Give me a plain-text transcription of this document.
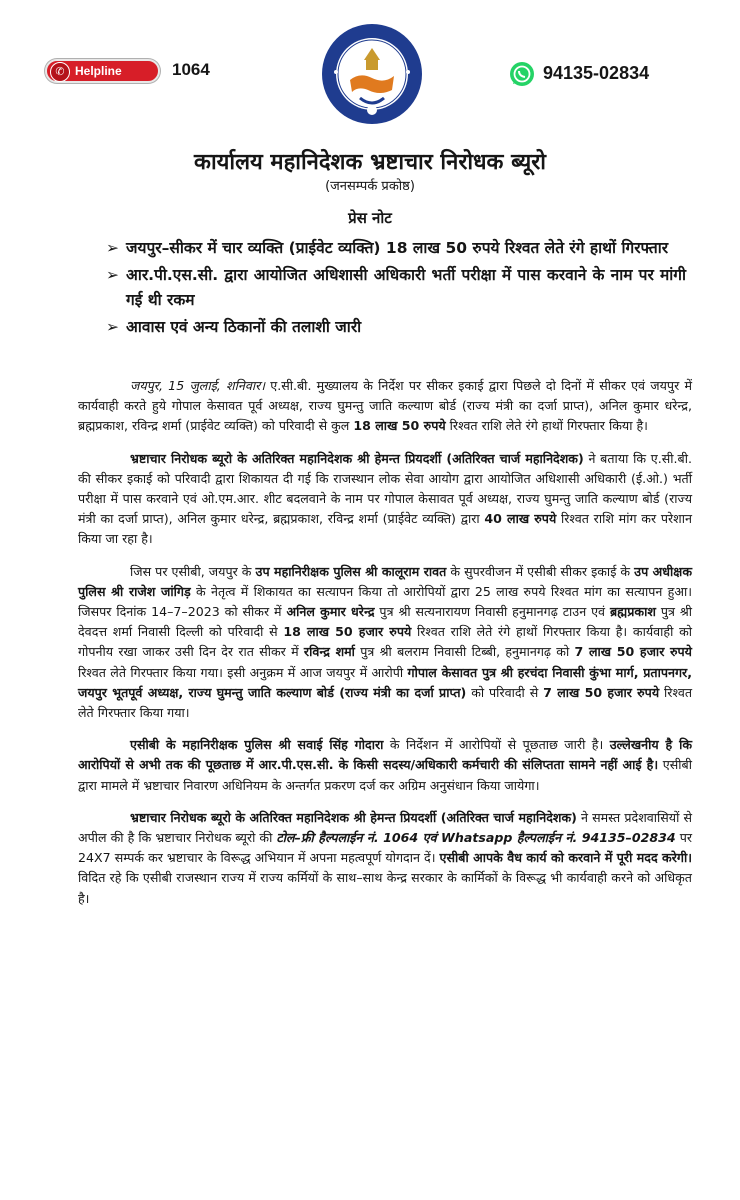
✆ Helpline	1064	94135-02834
कार्यालय महानिदेशक भ्रष्टाचार निरोधक ब्यूरो
(जनसम्पर्क प्रकोष्ठ)
प्रेस नोट
➢ जयपुर–सीकर में चार व्यक्ति (प्राईवेट व्यक्ति) 18 लाख 50 रुपये रिश्वत लेते रंगे हाथों गिरफ्तार
➢ आर.पी.एस.सी. द्वारा आयोजित अधिशासी अधिकारी भर्ती परीक्षा में पास करवाने के नाम पर मांगी गई थी रकम
➢ आवास एवं अन्य ठिकानों की तलाशी जारी

जयपुर, 15 जुलाई, शनिवार। ए.सी.बी. मुख्यालय के निर्देश पर सीकर इकाई द्वारा पिछले दो दिनों में सीकर एवं जयपुर में कार्यवाही करते हुये गोपाल केसावत पूर्व अध्यक्ष, राज्य घुमन्तु जाति कल्याण बोर्ड (राज्य मंत्री का दर्जा प्राप्त), अनिल कुमार धरेन्द्र, ब्रह्मप्रकाश, रविन्द्र शर्मा (प्राईवेट व्यक्ति) को परिवादी से कुल 18 लाख 50 रुपये रिश्वत राशि लेते रंगे हाथों गिरफ्तार किया है।

भ्रष्टाचार निरोधक ब्यूरो के अतिरिक्त महानिदेशक श्री हेमन्त प्रियदर्शी (अतिरिक्त चार्ज महानिदेशक) ने बताया कि ए.सी.बी. की सीकर इकाई को परिवादी द्वारा शिकायत दी गई कि राजस्थान लोक सेवा आयोग द्वारा आयोजित अधिशासी अधिकारी (ई.ओ.) भर्ती परीक्षा में पास करवाने एवं ओ.एम.आर. शीट बदलवाने के नाम पर गोपाल केसावत पूर्व अध्यक्ष, राज्य घुमन्तु जाति कल्याण बोर्ड (राज्य मंत्री का दर्जा प्राप्त), अनिल कुमार धरेन्द्र, ब्रह्मप्रकाश, रविन्द्र शर्मा (प्राईवेट व्यक्ति) द्वारा 40 लाख रुपये रिश्वत राशि मांग कर परेशान किया जा रहा है।

जिस पर एसीबी, जयपुर के उप महानिरीक्षक पुलिस श्री कालूराम रावत के सुपरवीजन में एसीबी सीकर इकाई के उप अधीक्षक पुलिस श्री राजेश जांगिड़ के नेतृत्व में शिकायत का सत्यापन किया तो आरोपियों द्वारा 25 लाख रुपये रिश्वत मांग का सत्यापन हुआ। जिसपर दिनांक 14–7–2023 को सीकर में अनिल कुमार धरेन्द्र पुत्र श्री सत्यनारायण निवासी हनुमानगढ़ टाउन एवं ब्रह्मप्रकाश पुत्र श्री देवदत्त शर्मा निवासी दिल्ली को परिवादी से 18 लाख 50 हजार रुपये रिश्वत राशि लेते रंगे हाथों गिरफ्तार किया है। कार्यवाही को गोपनीय रखा जाकर उसी दिन देर रात सीकर में रविन्द्र शर्मा पुत्र श्री बलराम निवासी टिब्बी, हनुमानगढ़ को 7 लाख 50 हजार रुपये रिश्वत लेते गिरफ्तार किया गया। इसी अनुक्रम में आज जयपुर में आरोपी गोपाल केसावत पुत्र श्री हरचंदा निवासी कुंभा मार्ग, प्रतापनगर, जयपुर भूतपूर्व अध्यक्ष, राज्य घुमन्तु जाति कल्याण बोर्ड (राज्य मंत्री का दर्जा प्राप्त) को परिवादी से 7 लाख 50 हजार रुपये रिश्वत लेते गिरफ्तार किया गया।

एसीबी के महानिरीक्षक पुलिस श्री सवाई सिंह गोदारा के निर्देशन में आरोपियों से पूछताछ जारी है। उल्लेखनीय है कि आरोपियों से अभी तक की पूछताछ में आर.पी.एस.सी. के किसी सदस्य/अधिकारी कर्मचारी की संलिप्तता सामने नहीं आई है। एसीबी द्वारा मामले में भ्रष्टाचार निवारण अधिनियम के अन्तर्गत प्रकरण दर्ज कर अग्रिम अनुसंधान किया जायेगा।

भ्रष्टाचार निरोधक ब्यूरो के अतिरिक्त महानिदेशक श्री हेमन्त प्रियदर्शी (अतिरिक्त चार्ज महानिदेशक) ने समस्त प्रदेशवासियों से अपील की है कि भ्रष्टाचार निरोधक ब्यूरो की टोल–फ्री हैल्पलाईन नं. 1064 एवं Whatsapp हैल्पलाईन नं. 94135–02834 पर 24X7 सम्पर्क कर भ्रष्टाचार के विरूद्ध अभियान में अपना महत्वपूर्ण योगदान दें। एसीबी आपके वैध कार्य को करवाने में पूरी मदद करेगी। विदित रहे कि एसीबी राजस्थान राज्य में राज्य कर्मियों के साथ–साथ केन्द्र सरकार के कार्मिकों के विरूद्ध भी कार्यवाही करने को अधिकृत है।
